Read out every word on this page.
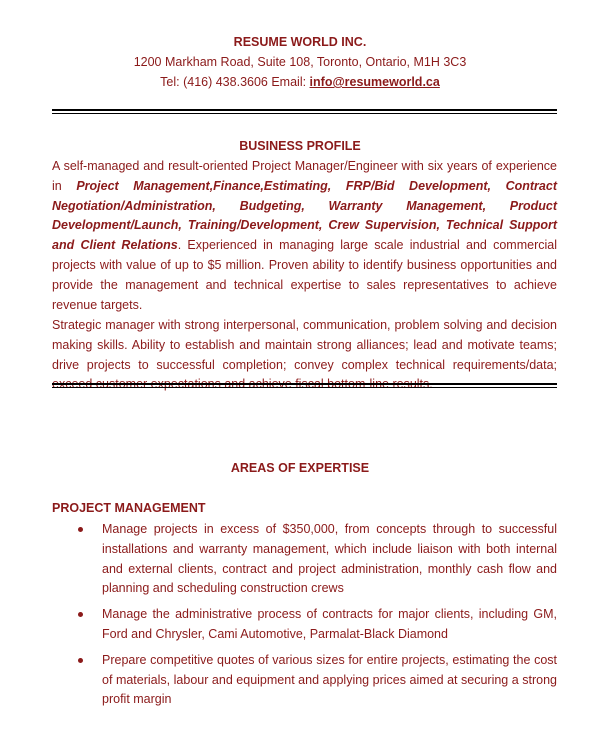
RESUME WORLD INC.
1200 Markham Road, Suite 108, Toronto, Ontario, M1H 3C3
Tel: (416) 438.3606 Email: info@resumeworld.ca
BUSINESS PROFILE
A self-managed and result-oriented Project Manager/Engineer with six years of experience in Project Management,Finance,Estimating, FRP/Bid Development, Contract Negotiation/Administration, Budgeting, Warranty Management, Product Development/Launch, Training/Development, Crew Supervision, Technical Support and Client Relations. Experienced in managing large scale industrial and commercial projects with value of up to $5 million. Proven ability to identify business opportunities and provide the management and technical expertise to sales representatives to achieve revenue targets.
Strategic manager with strong interpersonal, communication, problem solving and decision making skills. Ability to establish and maintain strong alliances; lead and motivate teams; drive projects to successful completion; convey complex technical requirements/data; exceed customer expectations and achieve fiscal bottom-line results.
AREAS OF EXPERTISE
PROJECT MANAGEMENT
Manage projects in excess of $350,000, from concepts through to successful installations and warranty management, which include liaison with both internal and external clients, contract and project administration, monthly cash flow and planning and scheduling construction crews
Manage the administrative process of contracts for major clients, including GM, Ford and Chrysler, Cami Automotive, Parmalat-Black Diamond
Prepare competitive quotes of various sizes for entire projects, estimating the cost of materials, labour and equipment and applying prices aimed at securing a strong profit margin
